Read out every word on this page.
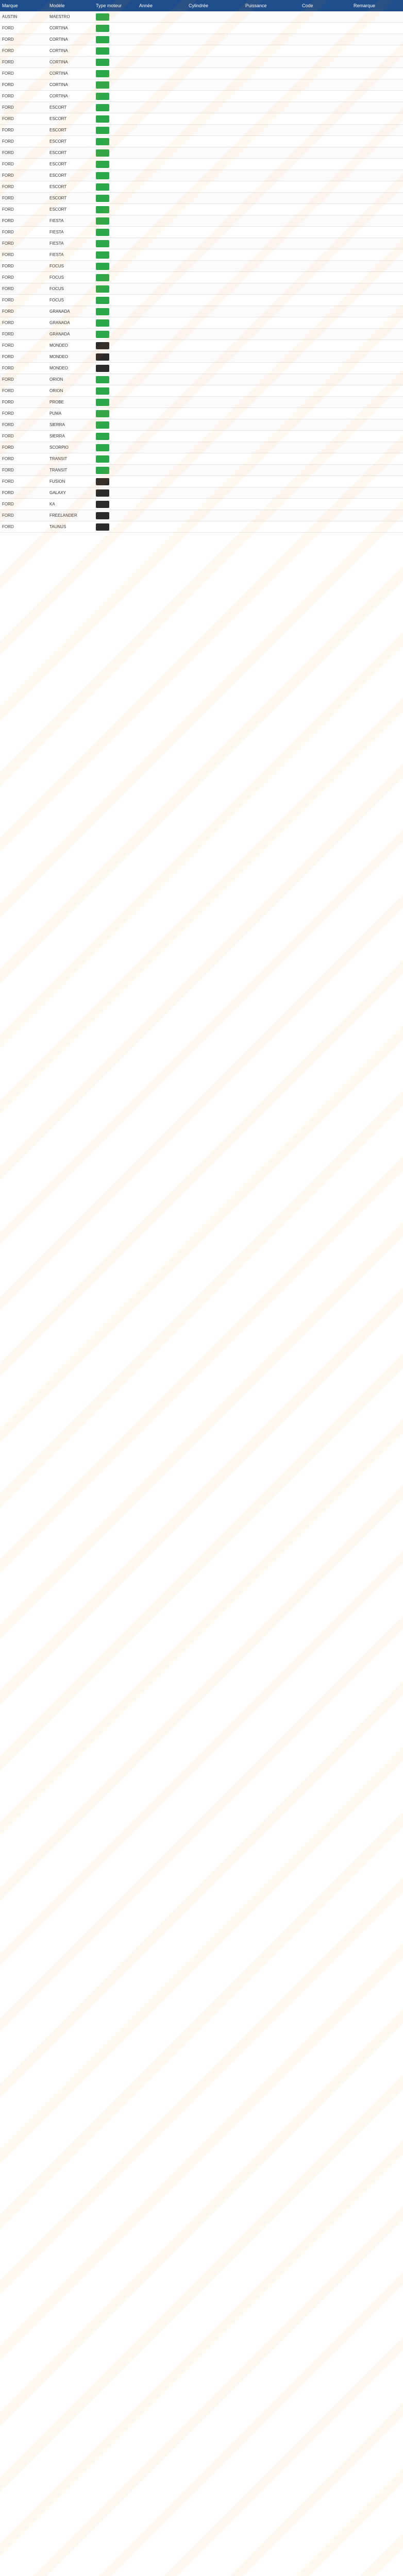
Marque	Modèle	Type moteur	Année	Cylindrée	Puissance	Code	Remarque
AUSTIN	MAESTRO
FORD	CORTINA
FORD	CORTINA
FORD	CORTINA
FORD	CORTINA
FORD	CORTINA
FORD	CORTINA
FORD	CORTINA
FORD	ESCORT
FORD	ESCORT
FORD	ESCORT
FORD	ESCORT
FORD	ESCORT
FORD	ESCORT
FORD	ESCORT
FORD	ESCORT
FORD	ESCORT
FORD	ESCORT
FORD	FIESTA
FORD	FIESTA
FORD	FIESTA
FORD	FIESTA
FORD	FOCUS
FORD	FOCUS
FORD	FOCUS
FORD	FOCUS
FORD	GRANADA
FORD	GRANADA
FORD	GRANADA
FORD	MONDEO
FORD	MONDEO
FORD	MONDEO
FORD	ORION
FORD	ORION
FORD	PROBE
FORD	PUMA
FORD	SIERRA
FORD	SIERRA
FORD	SCORPIO
FORD	TRANSIT
FORD	TRANSIT
FORD	FUSION
FORD	GALAXY
FORD	KA
FORD	FREELANDER
FORD	TAUNUS
